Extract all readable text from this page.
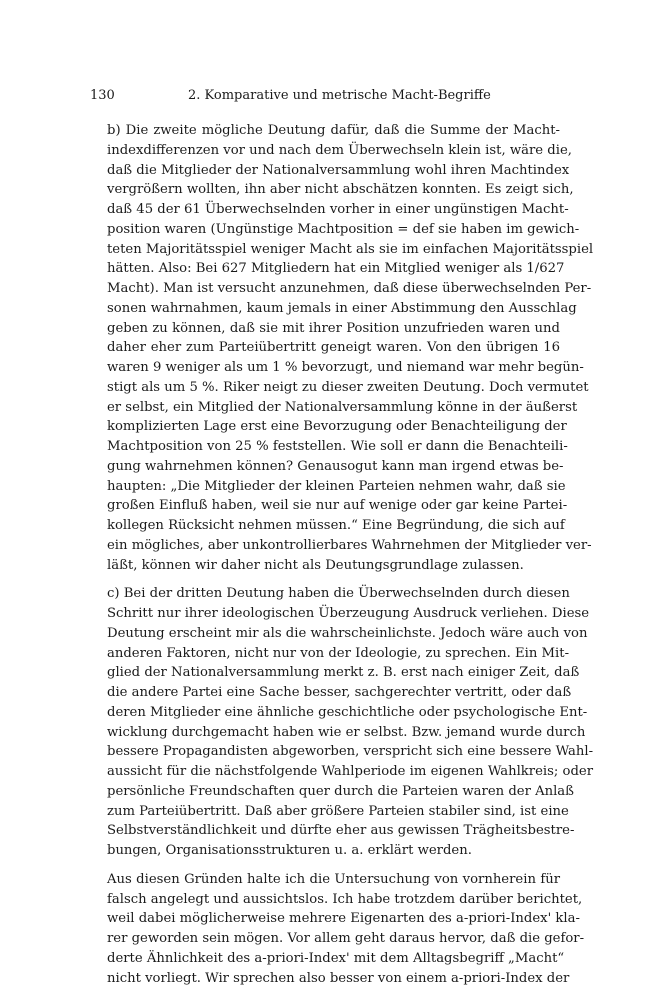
130	2. Komparative und metrische Macht-Begriffe

b) Die zweite mögliche Deutung dafür, daß die Summe der Macht-
indexdifferenzen vor und nach dem Überwechseln klein ist, wäre die,
daß die Mitglieder der Nationalversammlung wohl ihren Machtindex
vergrößern wollten, ihn aber nicht abschätzen konnten. Es zeigt sich,
daß 45 der 61 Überwechselnden vorher in einer ungünstigen Macht-
position waren (Ungünstige Machtposition = def sie haben im gewich-
teten Majoritätsspiel weniger Macht als sie im einfachen Majoritätsspiel
hätten. Also: Bei 627 Mitgliedern hat ein Mitglied weniger als 1/627
Macht). Man ist versucht anzunehmen, daß diese überwechselnden Per-
sonen wahrnahmen, kaum jemals in einer Abstimmung den Ausschlag
geben zu können, daß sie mit ihrer Position unzufrieden waren und
daher eher zum Parteiübertritt geneigt waren. Von den übrigen 16
waren 9 weniger als um 1 % bevorzugt, und niemand war mehr begün-
stigt als um 5 %. Riker neigt zu dieser zweiten Deutung. Doch vermutet
er selbst, ein Mitglied der Nationalversammlung könne in der äußerst
komplizierten Lage erst eine Bevorzugung oder Benachteiligung der
Machtposition von 25 % feststellen. Wie soll er dann die Benachteili-
gung wahrnehmen können? Genausogut kann man irgend etwas be-
haupten: „Die Mitglieder der kleinen Parteien nehmen wahr, daß sie
großen Einfluß haben, weil sie nur auf wenige oder gar keine Partei-
kollegen Rücksicht nehmen müssen.“ Eine Begründung, die sich auf
ein mögliches, aber unkontrollierbares Wahrnehmen der Mitglieder ver-
läßt, können wir daher nicht als Deutungsgrundlage zulassen.

c) Bei der dritten Deutung haben die Überwechselnden durch diesen
Schritt nur ihrer ideologischen Überzeugung Ausdruck verliehen. Diese
Deutung erscheint mir als die wahrscheinlichste. Jedoch wäre auch von
anderen Faktoren, nicht nur von der Ideologie, zu sprechen. Ein Mit-
glied der Nationalversammlung merkt z. B. erst nach einiger Zeit, daß
die andere Partei eine Sache besser, sachgerechter vertritt, oder daß
deren Mitglieder eine ähnliche geschichtliche oder psychologische Ent-
wicklung durchgemacht haben wie er selbst. Bzw. jemand wurde durch
bessere Propagandisten abgeworben, verspricht sich eine bessere Wahl-
aussicht für die nächstfolgende Wahlperiode im eigenen Wahlkreis; oder
persönliche Freundschaften quer durch die Parteien waren der Anlaß
zum Parteiübertritt. Daß aber größere Parteien stabiler sind, ist eine
Selbstverständlichkeit und dürfte eher aus gewissen Trägheitsbestre-
bungen, Organisationsstrukturen u. a. erklärt werden.

Aus diesen Gründen halte ich die Untersuchung von vornherein für
falsch angelegt und aussichtslos. Ich habe trotzdem darüber berichtet,
weil dabei möglicherweise mehrere Eigenarten des a-priori-Index' kla-
rer geworden sein mögen. Vor allem geht daraus hervor, daß die gefor-
derte Ähnlichkeit des a-priori-Index' mit dem Alltagsbegriff „Macht“
nicht vorliegt. Wir sprechen also besser von einem a-priori-Index der
